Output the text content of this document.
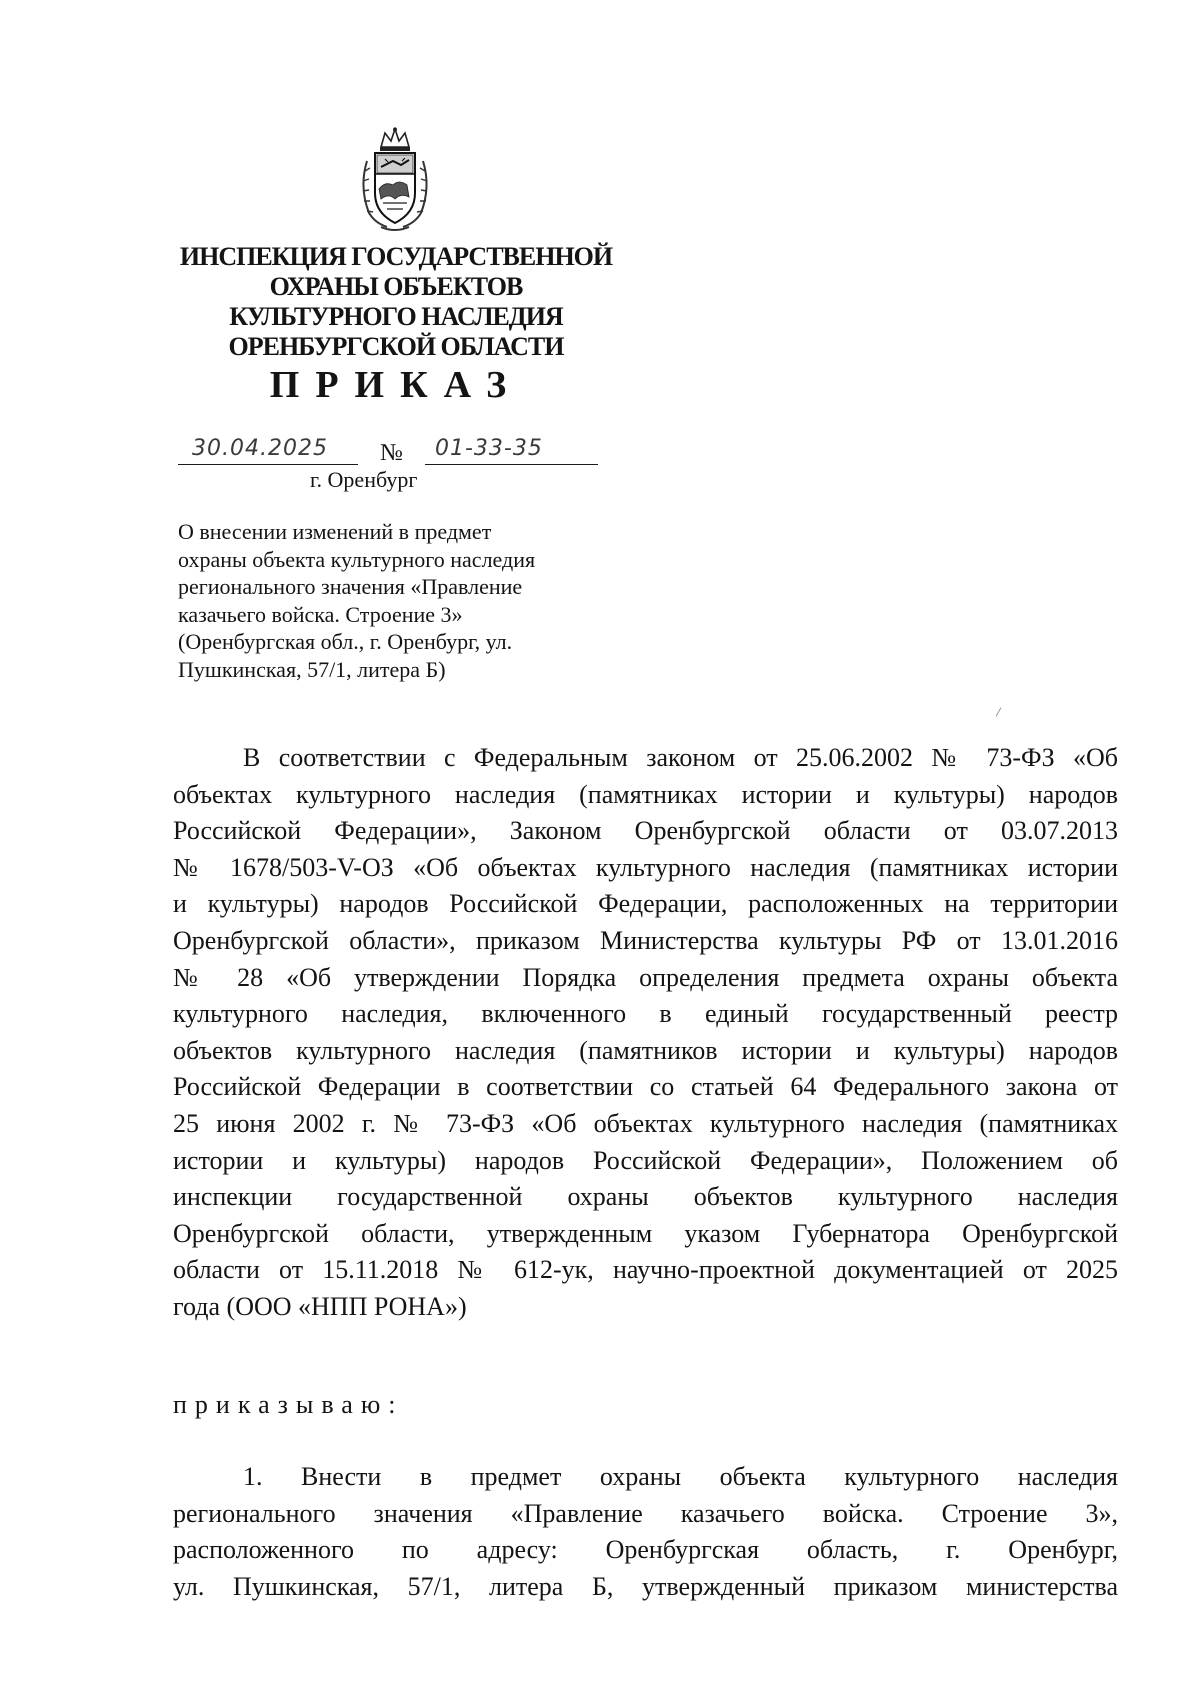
ИНСПЕКЦИЯ ГОСУДАРСТВЕННОЙ
ОХРАНЫ ОБЪЕКТОВ
КУЛЬТУРНОГО НАСЛЕДИЯ
ОРЕНБУРГСКОЙ ОБЛАСТИ
ПРИКАЗ
30.04.2025 № 01-33-35
г. Оренбург
О внесении изменений в предмет
охраны объекта культурного наследия
регионального значения «Правление
казачьего войска. Строение 3»
(Оренбургская обл., г. Оренбург, ул.
Пушкинская, 57/1, литера Б)
В соответствии с Федеральным законом от 25.06.2002 № 73-ФЗ «Об
объектах культурного наследия (памятниках истории и культуры) народов
Российской Федерации», Законом Оренбургской области от 03.07.2013
№ 1678/503-V-ОЗ «Об объектах культурного наследия (памятниках истории
и культуры) народов Российской Федерации, расположенных на территории
Оренбургской области», приказом Министерства культуры РФ от 13.01.2016
№ 28 «Об утверждении Порядка определения предмета охраны объекта
культурного наследия, включенного в единый государственный реестр
объектов культурного наследия (памятников истории и культуры) народов
Российской Федерации в соответствии со статьей 64 Федерального закона от
25 июня 2002 г. № 73-ФЗ «Об объектах культурного наследия (памятниках
истории и культуры) народов Российской Федерации», Положением об
инспекции государственной охраны объектов культурного наследия
Оренбургской области, утвержденным указом Губернатора Оренбургской
области от 15.11.2018 № 612-ук, научно-проектной документацией от 2025
года (ООО «НПП РОНА»)
приказываю:
1. Внести в предмет охраны объекта культурного наследия
регионального значения «Правление казачьего войска. Строение 3»,
расположенного по адресу: Оренбургская область, г. Оренбург,
ул. Пушкинская, 57/1, литера Б, утвержденный приказом министерства
